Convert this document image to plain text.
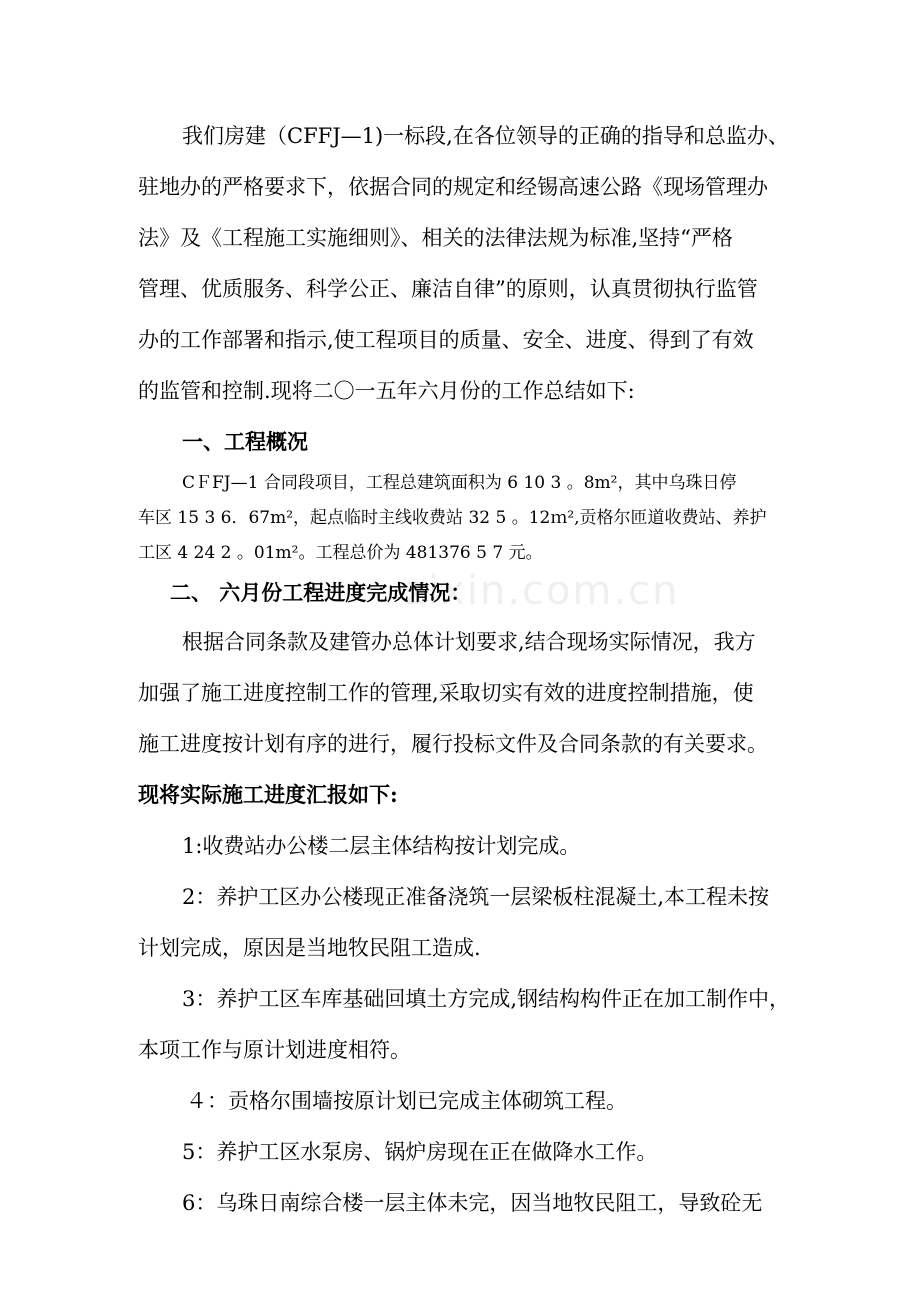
zixin.com.cn
我们房建（CFFJ—1)一标段,在各位领导的正确的指导和总监办、
驻地办的严格要求下，依据合同的规定和经锡高速公路《现场管理办
法》及《工程施工实施细则》、相关的法律法规为标准,坚持“严格
管理、优质服务、科学公正、廉洁自律”的原则，认真贯彻执行监管
办的工作部署和指示,使工程项目的质量、安全、进度、得到了有效
的监管和控制.现将二〇一五年六月份的工作总结如下:
一、工程概况
CＦFJ—1 合同段项目，工程总建筑面积为 6 10 3 。8m²，其中乌珠日停
车区 15 3 6．67m²，起点临时主线收费站 32 5 。12ｍ²,贡格尔匝道收费站、养护
工区 4 24 2 。01m²。工程总价为 481376 5 7 元。
二、 六月份工程进度完成情况：
根据合同条款及建管办总体计划要求,结合现场实际情况，我方
加强了施工进度控制工作的管理,采取切实有效的进度控制措施，使
施工进度按计划有序的进行，履行投标文件及合同条款的有关要求。
现将实际施工进度汇报如下:
1:收费站办公楼二层主体结构按计划完成。
2：养护工区办公楼现正准备浇筑一层梁板柱混凝土,本工程未按
计划完成，原因是当地牧民阻工造成.
3：养护工区车库基础回填土方完成,钢结构构件正在加工制作中，
本项工作与原计划进度相符。
４：贡格尔围墙按原计划已完成主体砌筑工程。
5：养护工区水泵房、锅炉房现在正在做降水工作。
6：乌珠日南综合楼一层主体未完，因当地牧民阻工，导致砼无
